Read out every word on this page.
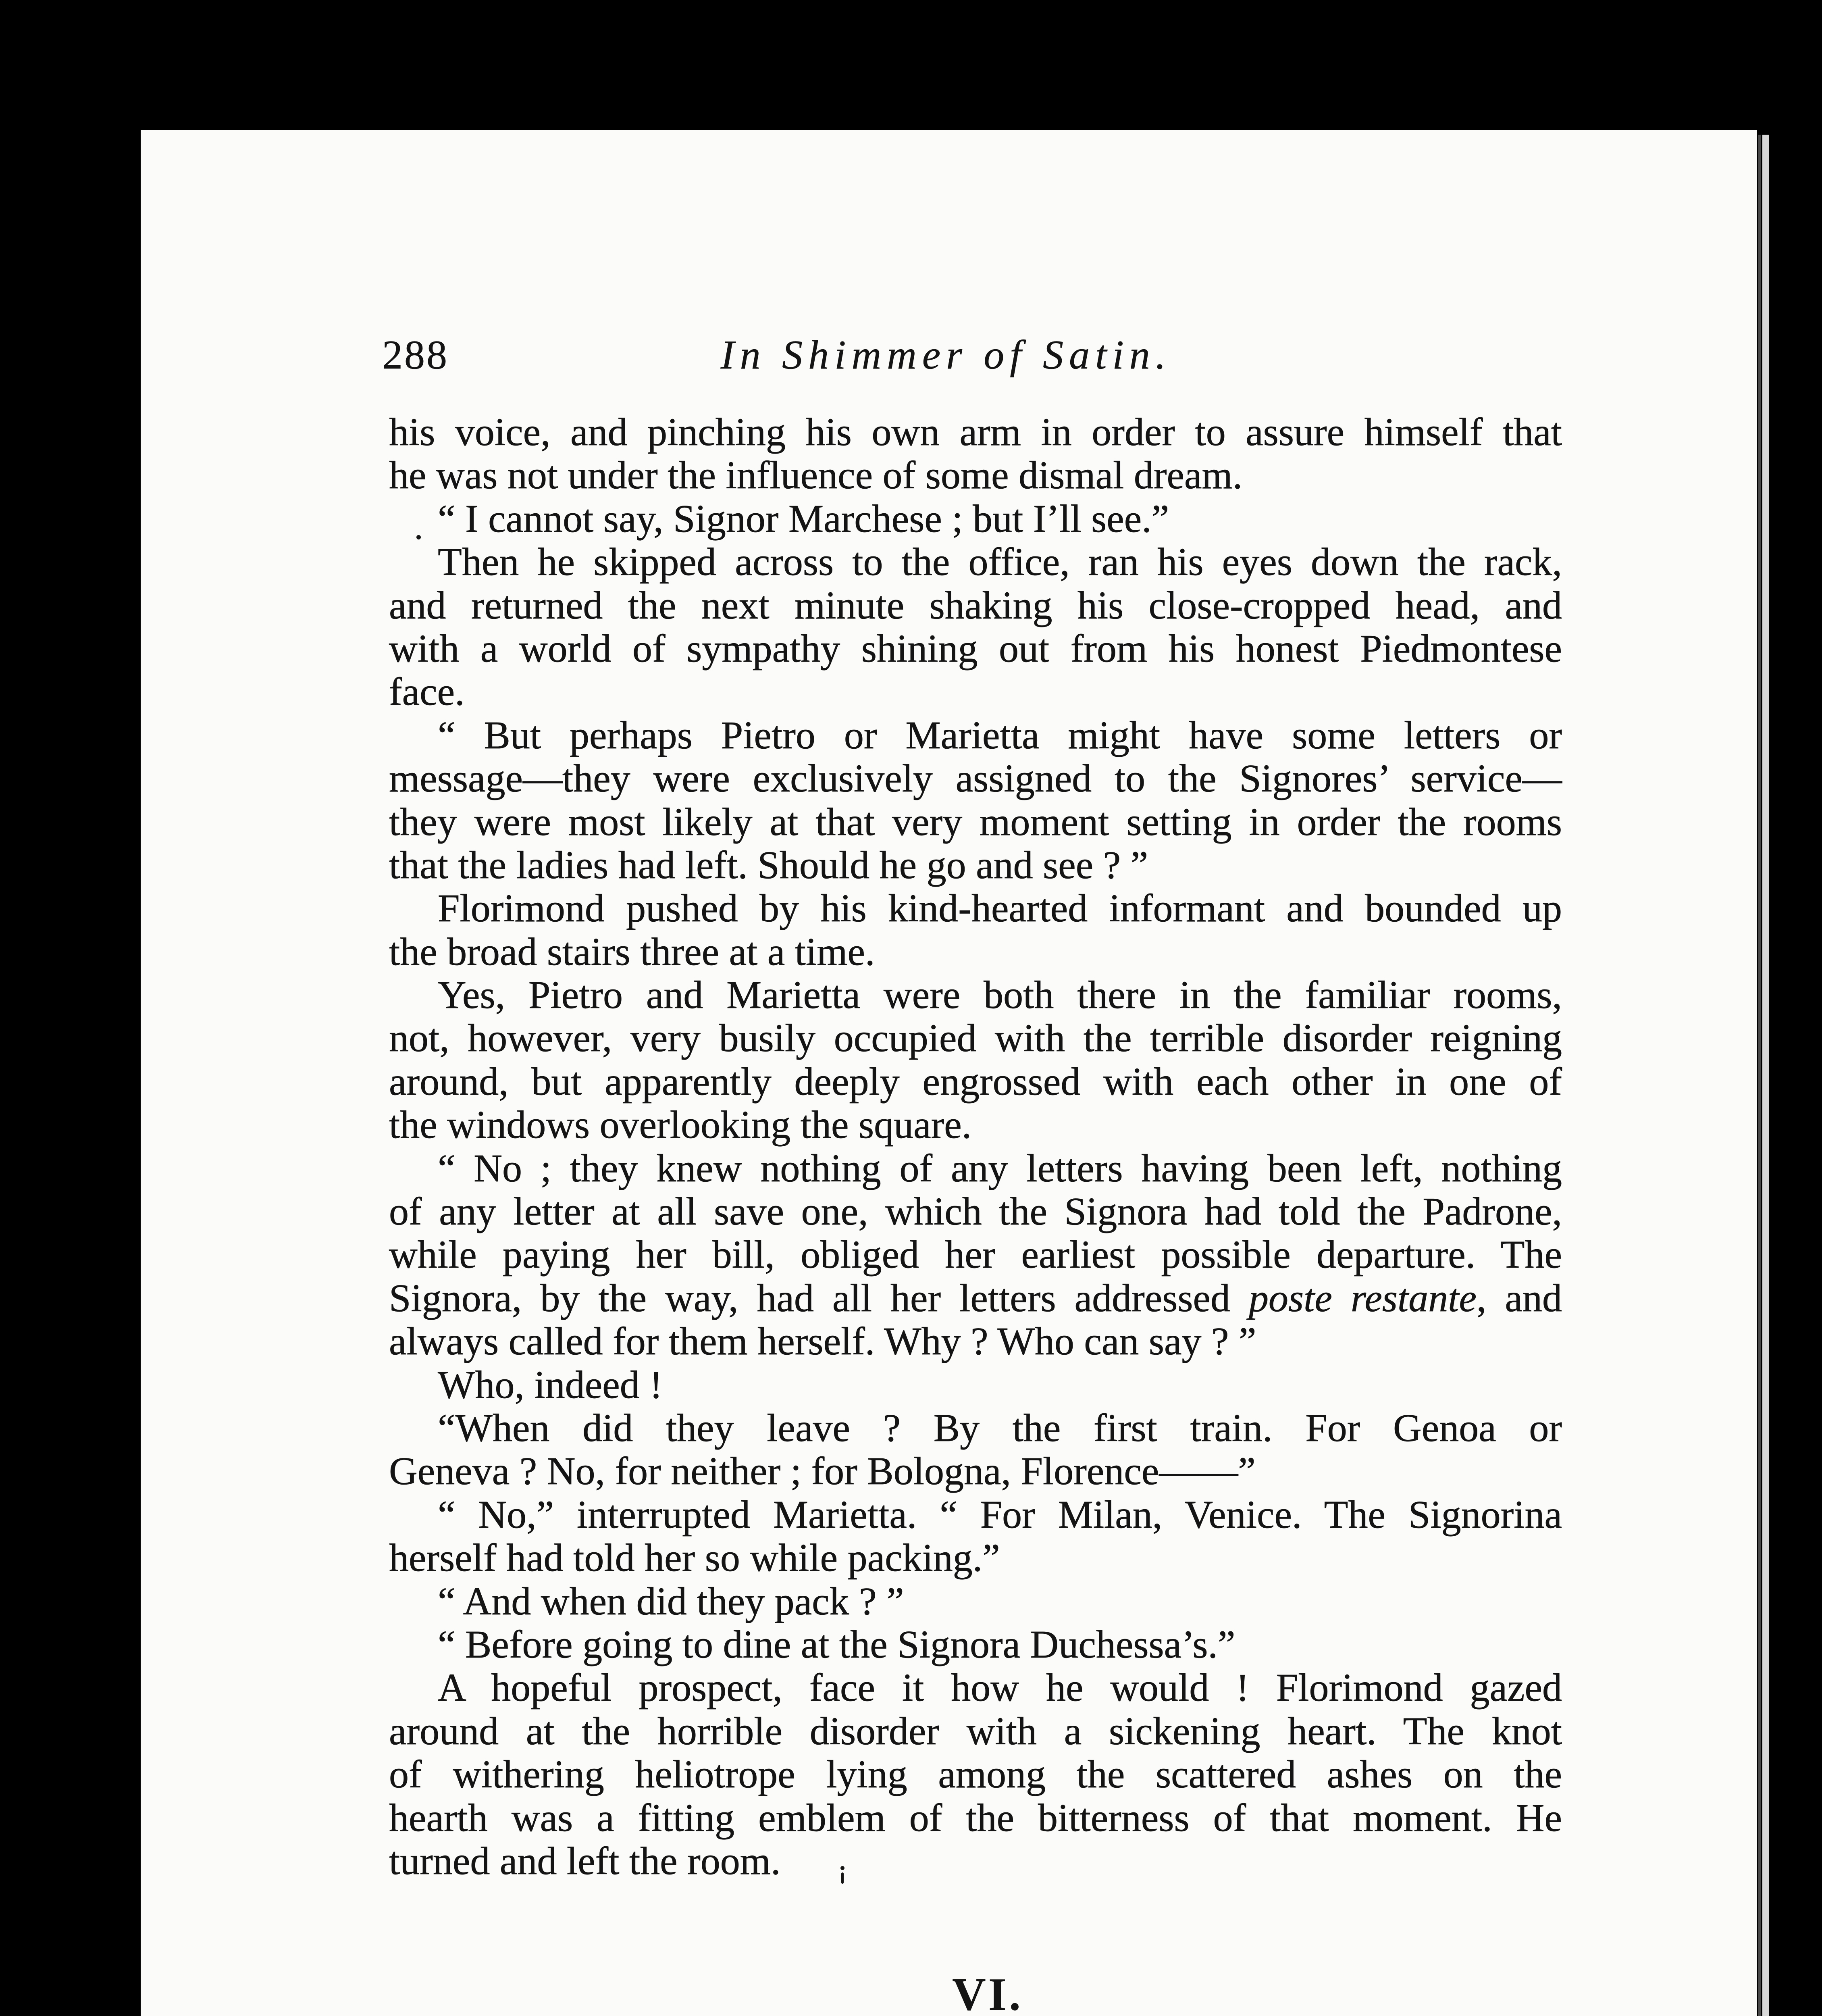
288	In Shimmer of Satin.
his voice, and pinching his own arm in order to assure himself that
he was not under the influence of some dismal dream.
“ I cannot say, Signor Marchese ; but I’ll see.”
Then he skipped across to the office, ran his eyes down the rack,
and returned the next minute shaking his close-cropped head, and
with a world of sympathy shining out from his honest Piedmontese
face.
“ But perhaps Pietro or Marietta might have some letters or
message—they were exclusively assigned to the Signores’ service—
they were most likely at that very moment setting in order the rooms
that the ladies had left. Should he go and see ? ”
Florimond pushed by his kind-hearted informant and bounded up
the broad stairs three at a time.
Yes, Pietro and Marietta were both there in the familiar rooms,
not, however, very busily occupied with the terrible disorder reigning
around, but apparently deeply engrossed with each other in one of
the windows overlooking the square.
“ No ; they knew nothing of any letters having been left, nothing
of any letter at all save one, which the Signora had told the Padrone,
while paying her bill, obliged her earliest possible departure. The
Signora, by the way, had all her letters addressed poste restante, and
always called for them herself. Why ? Who can say ? ”
Who, indeed !
“When did they leave ? By the first train. For Genoa or
Geneva ? No, for neither ; for Bologna, Florence——”
“ No,” interrupted Marietta. “ For Milan, Venice. The Signorina
herself had told her so while packing.”
“ And when did they pack ? ”
“ Before going to dine at the Signora Duchessa’s.”
A hopeful prospect, face it how he would ! Florimond gazed
around at the horrible disorder with a sickening heart. The knot
of withering heliotrope lying among the scattered ashes on the
hearth was a fitting emblem of the bitterness of that moment. He
turned and left the room.
VI.
